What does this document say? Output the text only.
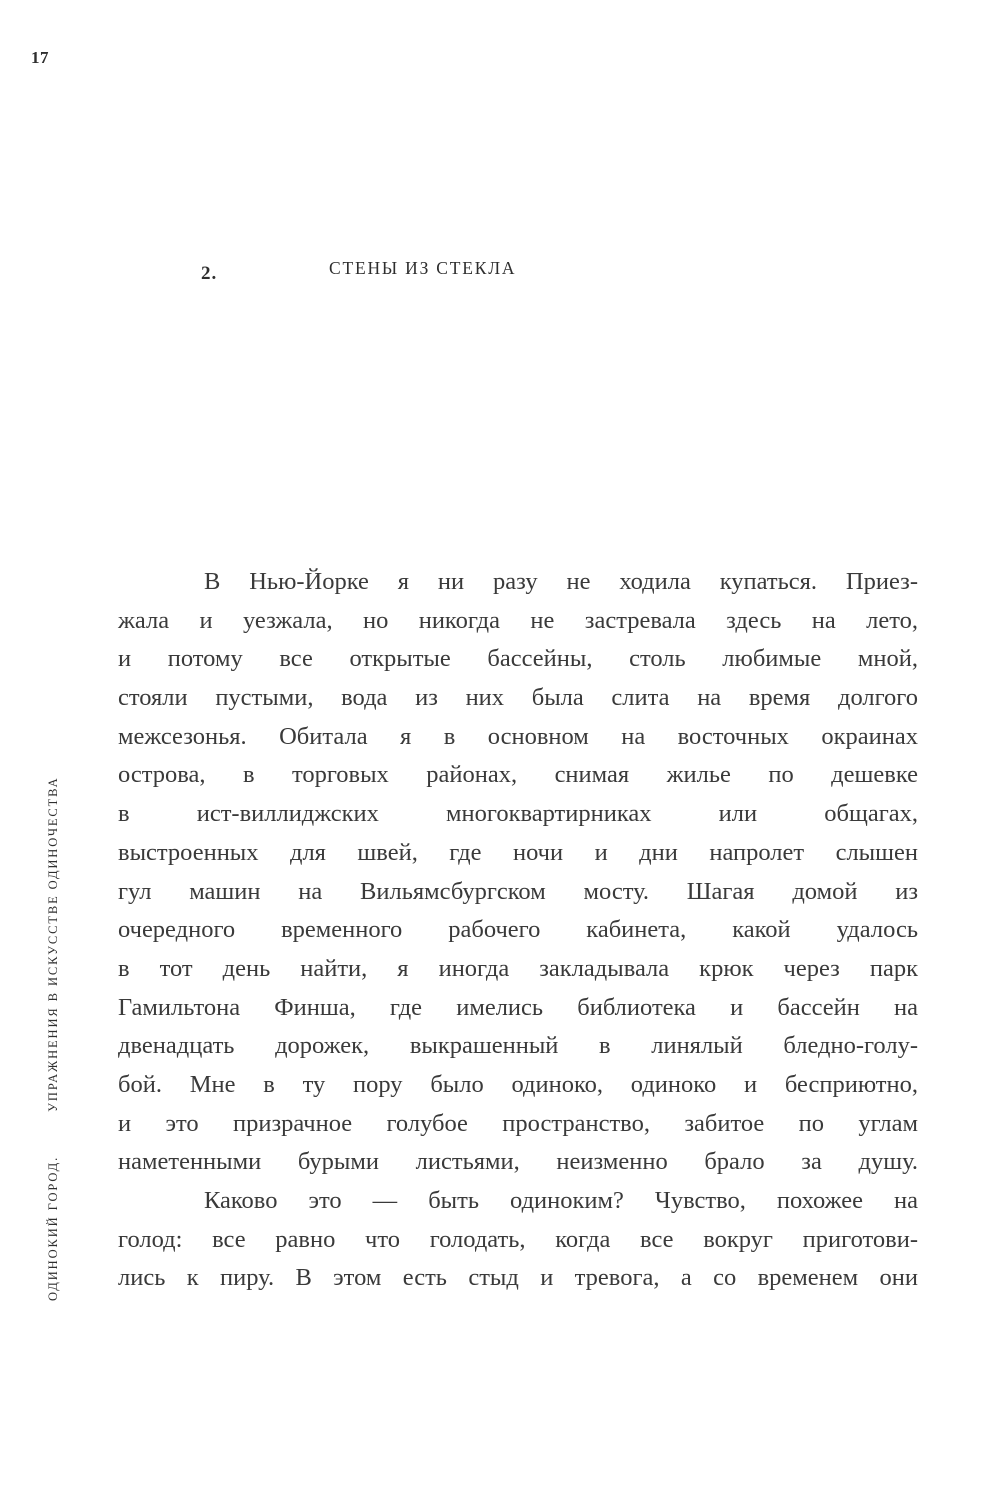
17
ОДИНОКИЙ ГОРОД.УПРАЖНЕНИЯ В ИСКУССТВЕ ОДИНОЧЕСТВА
2.	СТЕНЫ ИЗ СТЕКЛА
В Нью-Йорке я ни разу не ходила купаться. Приез-
жала и уезжала, но никогда не застревала здесь на лето,
и потому все открытые бассейны, столь любимые мной,
стояли пустыми, вода из них была слита на время долгого
межсезонья. Обитала я в основном на восточных окраинах
острова, в торговых районах, снимая жилье по дешевке
в ист-виллиджских многоквартирниках или общагах,
выстроенных для швей, где ночи и дни напролет слышен
гул машин на Вильямсбургском мосту. Шагая домой из
очередного временного рабочего кабинета, какой удалось
в тот день найти, я иногда закладывала крюк через парк
Гамильтона Финша, где имелись библиотека и бассейн на
двенадцать дорожек, выкрашенный в линялый бледно-голу-
бой. Мне в ту пору было одиноко, одиноко и бесприютно,
и это призрачное голубое пространство, забитое по углам
наметенными бурыми листьями, неизменно брало за душу.
Каково это — быть одиноким? Чувство, похожее на
голод: все равно что голодать, когда все вокруг приготови-
лись к пиру. В этом есть стыд и тревога, а со временем они
